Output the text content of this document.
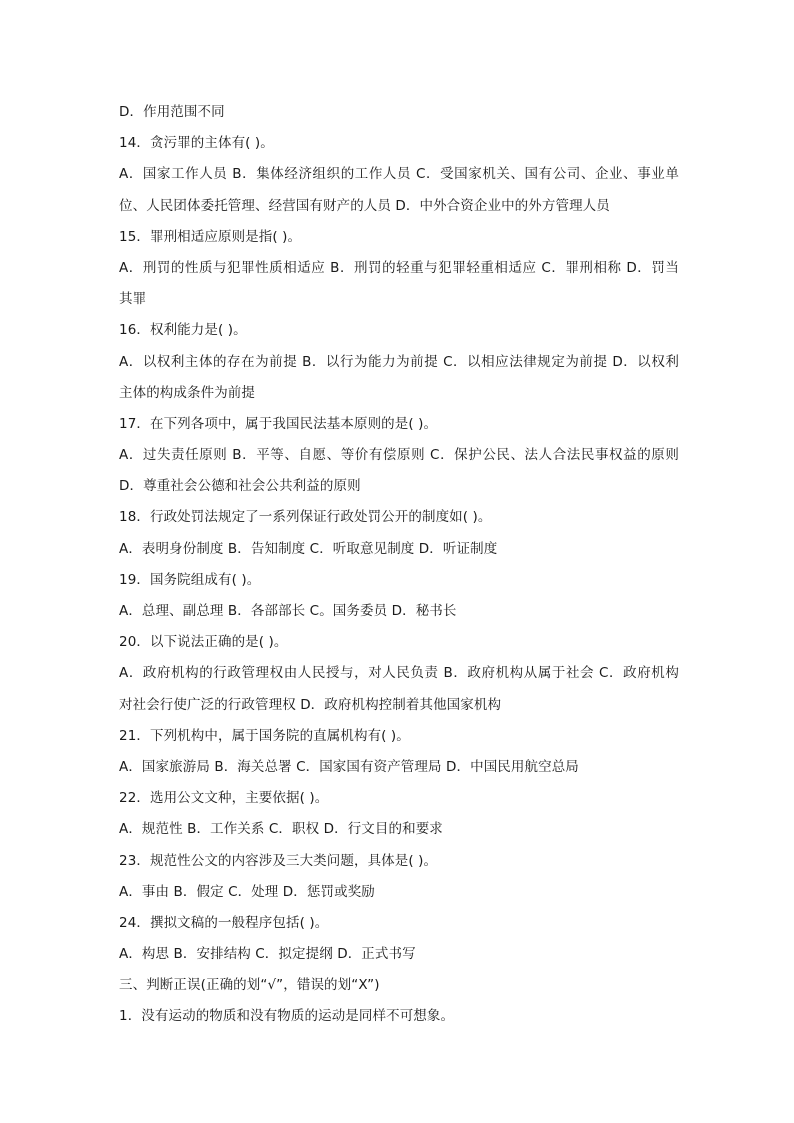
D．作用范围不同
14．贪污罪的主体有( )。
A．国家工作人员 B．集体经济组织的工作人员 C．受国家机关、国有公司、企业、事业单
位、人民团体委托管理、经营国有财产的人员 D．中外合资企业中的外方管理人员
15．罪刑相适应原则是指( )。
A．刑罚的性质与犯罪性质相适应 B．刑罚的轻重与犯罪轻重相适应 C．罪刑相称 D．罚当
其罪
16．权利能力是( )。
A．以权利主体的存在为前提 B．以行为能力为前提 C．以相应法律规定为前提 D．以权利
主体的构成条件为前提
17．在下列各项中，属于我国民法基本原则的是( )。
A．过失责任原则 B．平等、自愿、等价有偿原则 C．保护公民、法人合法民事权益的原则
D．尊重社会公德和社会公共利益的原则
18．行政处罚法规定了一系列保证行政处罚公开的制度如( )。
A．表明身份制度 B．告知制度 C．听取意见制度 D．听证制度
19．国务院组成有( )。
A．总理、副总理 B．各部部长 C。国务委员 D．秘书长
20．以下说法正确的是( )。
A．政府机构的行政管理权由人民授与，对人民负责 B．政府机构从属于社会 C．政府机构
对社会行使广泛的行政管理权 D．政府机构控制着其他国家机构
21．下列机构中，属于国务院的直属机构有( )。
A．国家旅游局 B．海关总署 C．国家国有资产管理局 D．中国民用航空总局
22．选用公文文种，主要依据( )。
A．规范性 B．工作关系 C．职权 D．行文目的和要求
23．规范性公文的内容涉及三大类问题，具体是( )。
A．事由 B．假定 C．处理 D．惩罚或奖励
24．撰拟文稿的一般程序包括( )。
A．构思 B．安排结构 C．拟定提纲 D．正式书写
三、判断正误(正确的划“√”，错误的划“X”)
1．没有运动的物质和没有物质的运动是同样不可想象。
